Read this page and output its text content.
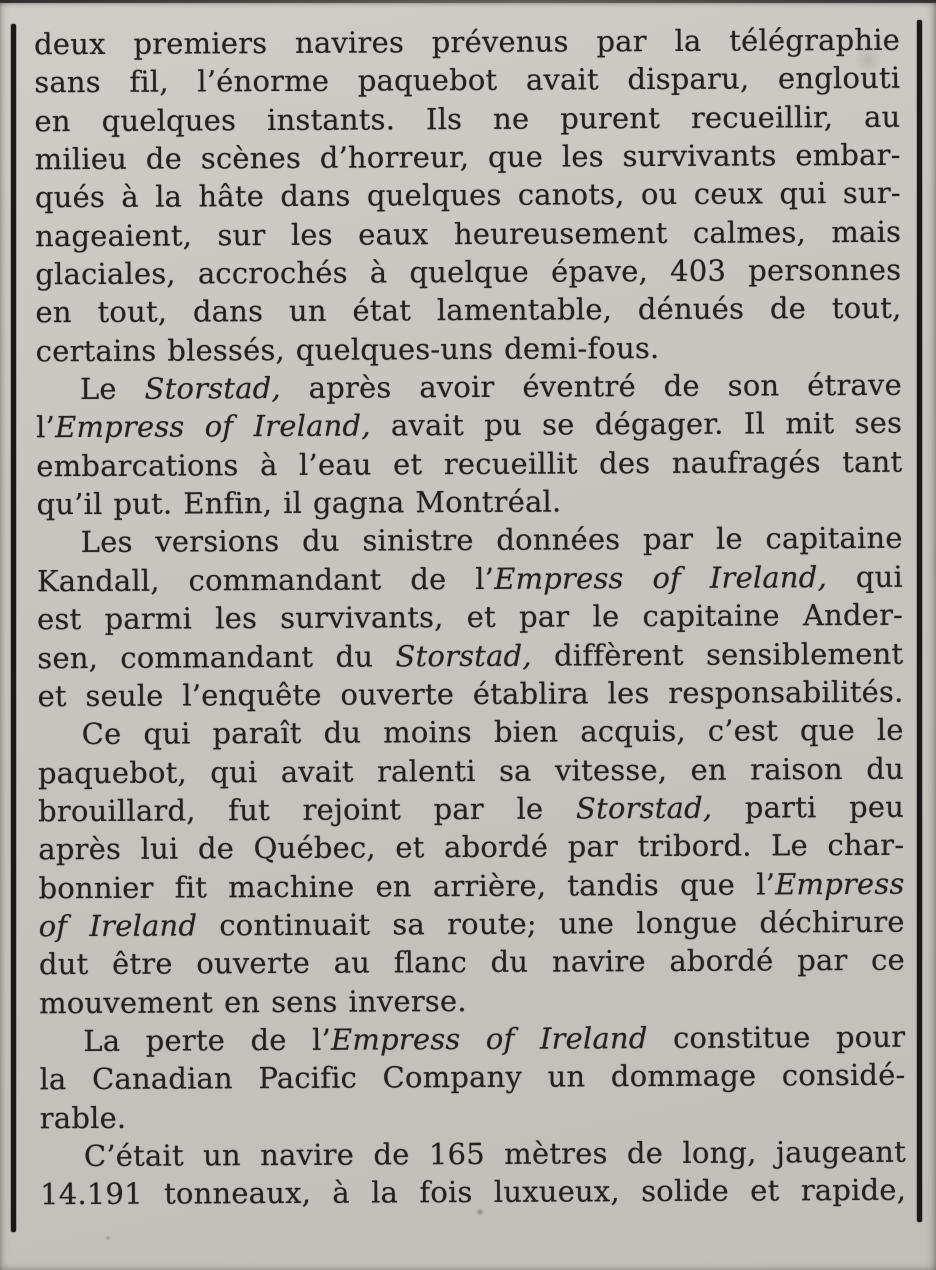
deux premiers navires prévenus par la télégraphie
sans fil, l’énorme paquebot avait disparu, englouti
en quelques instants. Ils ne purent recueillir, au
milieu de scènes d’horreur, que les survivants embar-
qués à la hâte dans quelques canots, ou ceux qui sur-
nageaient, sur les eaux heureusement calmes, mais
glaciales, accrochés à quelque épave, 403 personnes
en tout, dans un état lamentable, dénués de tout,
certains blessés, quelques-uns demi-fous.
Le Storstad, après avoir éventré de son étrave
l’Empress of Ireland, avait pu se dégager. Il mit ses
embarcations à l’eau et recueillit des naufragés tant
qu’il put. Enfin, il gagna Montréal.
Les versions du sinistre données par le capitaine
Kandall, commandant de l’Empress of Ireland, qui
est parmi les survivants, et par le capitaine Ander-
sen, commandant du Storstad, diffèrent sensiblement
et seule l’enquête ouverte établira les responsabilités.
Ce qui paraît du moins bien acquis, c’est que le
paquebot, qui avait ralenti sa vitesse, en raison du
brouillard, fut rejoint par le Storstad, parti peu
après lui de Québec, et abordé par tribord. Le char-
bonnier fit machine en arrière, tandis que l’Empress
of Ireland continuait sa route; une longue déchirure
dut être ouverte au flanc du navire abordé par ce
mouvement en sens inverse.
La perte de l’Empress of Ireland constitue pour
la Canadian Pacific Company un dommage considé-
rable.
C’était un navire de 165 mètres de long, jaugeant
14.191 tonneaux, à la fois luxueux, solide et rapide,
